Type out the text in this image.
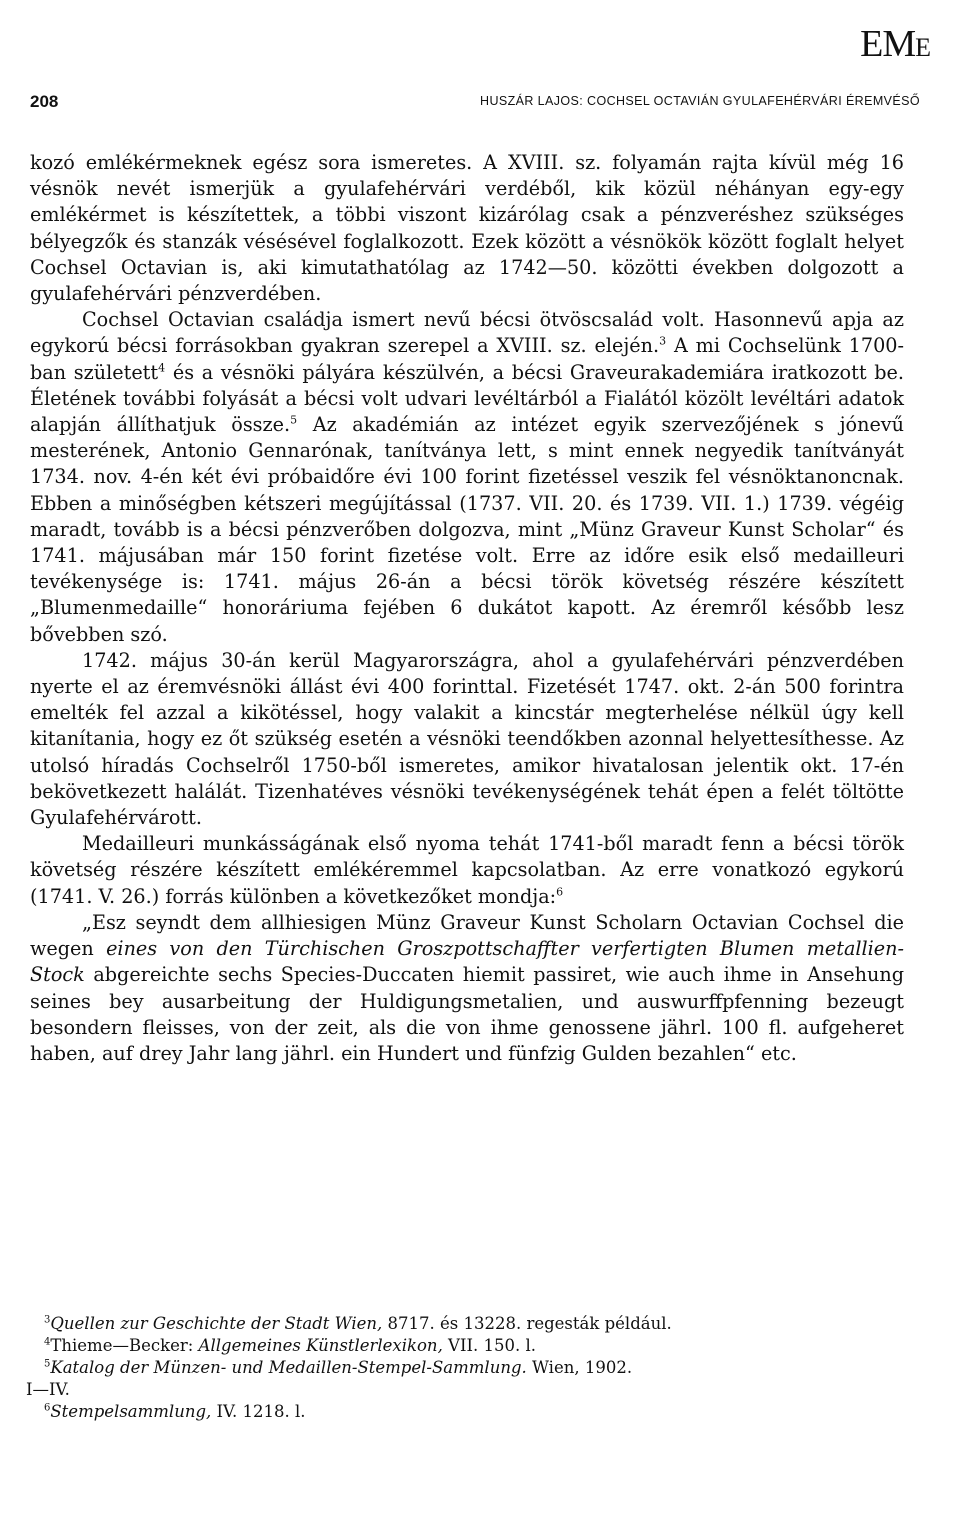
EME
208	HUSZÁR LAJOS: COCHSEL OCTAVIÁN GYULAFEHÉRVÁRI ÉREMVÉSŐ

kozó emlékérmeknek egész sora ismeretes. A XVIII. sz. folyamán rajta kívül még 16 vésnök nevét ismerjük a gyulafehérvári verdéből, kik közül néhányan egy-egy emlékérmet is készítettek, a többi viszont kizárólag csak a pénzveréshez szükséges bélyegzők és stanzák vésésével foglalkozott. Ezek között a vésnökök között foglalt helyet Cochsel Octavian is, aki kimutathatólag az 1742—50. közötti években dolgozott a gyulafehérvári pénzverdében.

Cochsel Octavian családja ismert nevű bécsi ötvöscsalád volt. Hasonnevű apja az egykorú bécsi forrásokban gyakran szerepel a XVIII. sz. elején.$^3$ A mi Cochselünk 1700-ban született$^4$ és a vésnöki pályára készülvén, a bécsi Graveurakademiára iratkozott be. Életének további folyását a bécsi volt udvari levéltárból a Fialától közölt levéltári adatok alapján állíthatjuk össze.$^5$ Az akadémián az intézet egyik szervezőjének s jónevű mesterének, Antonio Gennarónak, tanítványa lett, s mint ennek negyedik tanítványát 1734. nov. 4-én két évi próbaidőre évi 100 forint fizetéssel veszik fel vésnöktanoncnak. Ebben a minőségben kétszeri megújítással (1737. VII. 20. és 1739. VII. 1.) 1739. végéig maradt, tovább is a bécsi pénzverőben dolgozva, mint „Münz Graveur Kunst Scholar“ és 1741. májusában már 150 forint fizetése volt. Erre az időre esik első medailleuri tevékenysége is: 1741. május 26-án a bécsi török követség részére készített „Blumenmedaille“ honoráriuma fejében 6 dukátot kapott. Az éremről később lesz bővebben szó.

1742. május 30-án kerül Magyarországra, ahol a gyulafehérvári pénzverdében nyerte el az éremvésnöki állást évi 400 forinttal. Fizetését 1747. okt. 2-án 500 forintra emelték fel azzal a kikötéssel, hogy valakit a kincstár megterhelése nélkül úgy kell kitanítania, hogy ez őt szükség esetén a vésnöki teendőkben azonnal helyettesíthesse. Az utolsó híradás Cochselről 1750-ből ismeretes, amikor hivatalosan jelentik okt. 17-én bekövetkezett halálát. Tizenhatéves vésnöki tevékenységének tehát épen a felét töltötte Gyulafehérvárott.

Medailleuri munkásságának első nyoma tehát 1741-ből maradt fenn a bécsi török követség részére készített emlékéremmel kapcsolatban. Az erre vonatkozó egykorú (1741. V. 26.) forrás különben a következőket mondja:$^6$

„Esz seyndt dem allhiesigen Münz Graveur Kunst Scholarn Octavian Cochsel die wegen eines von den Türchischen Groszpottschaffter verfertigten Blumen metallien-Stock abgereichte sechs Species-Duccaten hiemit passiret, wie auch ihme in Ansehung seines bey ausarbeitung der Huldigungsmetalien, und auswurffpfenning bezeugt besondern fleisses, von der zeit, als die von ihme genossene jährl. 100 fl. aufgeheret haben, auf drey Jahr lang jährl. ein Hundert und fünfzig Gulden bezahlen“ etc.

$^3$Quellen zur Geschichte der Stadt Wien, 8717. és 13228. regesták például.

$^4$Thieme—Becker: Allgemeines Künstlerlexikon, VII. 150. l.

$^5$Katalog der Münzen- und Medaillen-Stempel-Sammlung. Wien, 1902.
I—IV.

$^6$Stempelsammlung, IV. 1218. l.
